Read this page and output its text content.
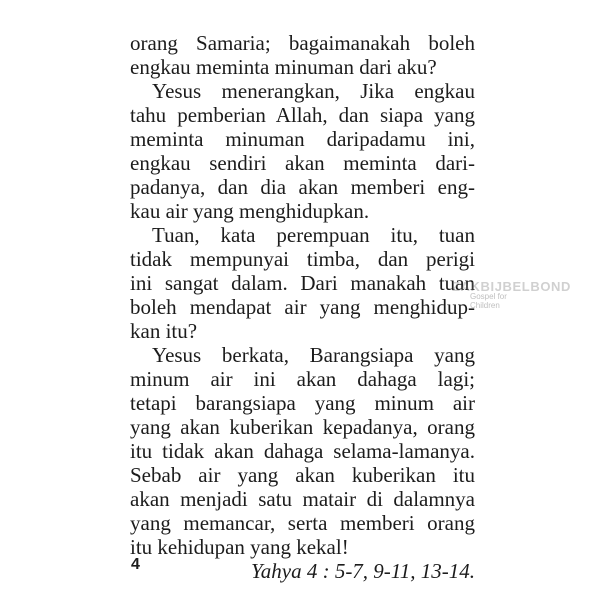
orang Samaria; bagaimanakah boleh
engkau meminta minuman dari aku?
Yesus menerangkan, Jika engkau
tahu pemberian Allah, dan siapa yang
meminta minuman daripadamu ini,
engkau sendiri akan meminta dari-
padanya, dan dia akan memberi eng-
kau air yang menghidupkan.
Tuan, kata perempuan itu, tuan
tidak mempunyai timba, dan perigi
ini sangat dalam. Dari manakah tuan
boleh mendapat air yang menghidup-
kan itu?
Yesus berkata, Barangsiapa yang
minum air ini akan dahaga lagi;
tetapi barangsiapa yang minum air
yang akan kuberikan kepadanya, orang
itu tidak akan dahaga selama-lamanya.
Sebab air yang akan kuberikan itu
akan menjadi satu matair di dalamnya
yang memancar, serta memberi orang
itu kehidupan yang kekal!
Yahya 4 : 5-7, 9-11, 13-14.
ZAKBIJBELBOND
Gospel for Children
4
